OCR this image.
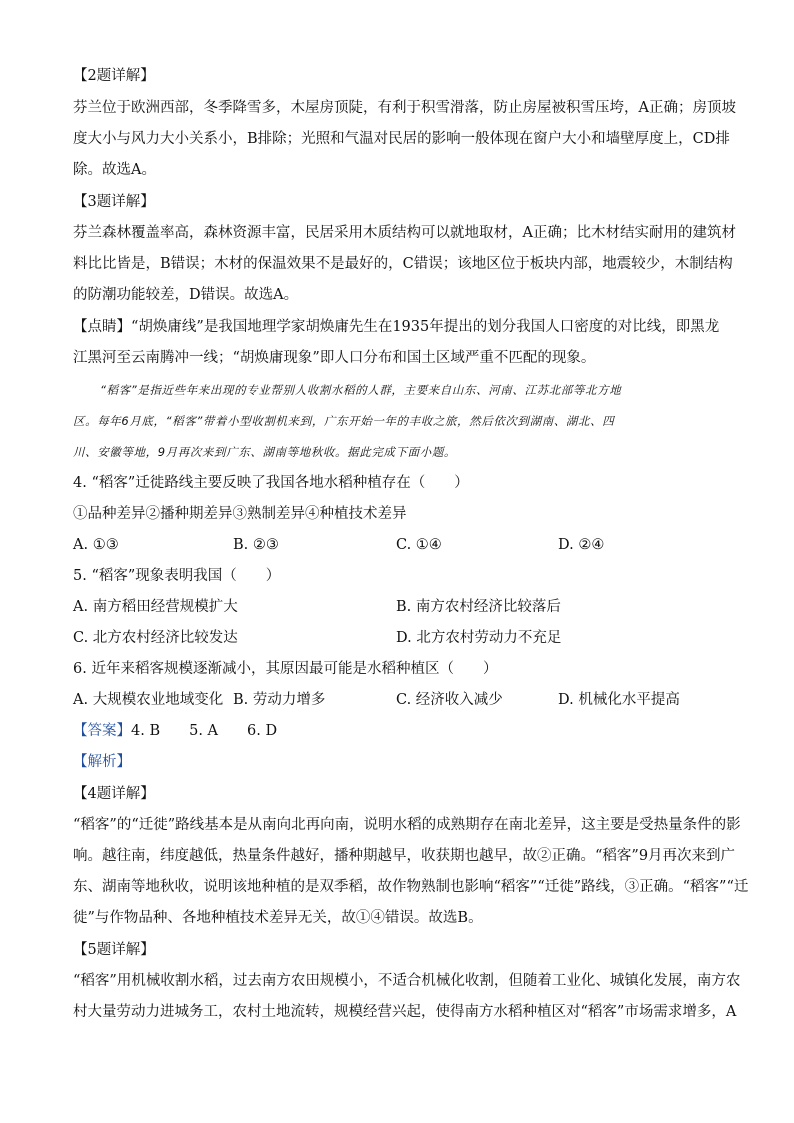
【2题详解】
芬兰位于欧洲西部，冬季降雪多，木屋房顶陡，有利于积雪滑落，防止房屋被积雪压垮，A正确；房顶坡
度大小与风力大小关系小，B排除；光照和气温对民居的影响一般体现在窗户大小和墙壁厚度上，CD排
除。故选A。
【3题详解】
芬兰森林覆盖率高，森林资源丰富，民居采用木质结构可以就地取材，A正确；比木材结实耐用的建筑材
料比比皆是，B错误；木材的保温效果不是最好的，C错误；该地区位于板块内部，地震较少，木制结构
的防潮功能较差，D错误。故选A。
【点睛】“胡焕庸线”是我国地理学家胡焕庸先生在1935年提出的划分我国人口密度的对比线，即黑龙
江黑河至云南腾冲一线；“胡焕庸现象”即人口分布和国土区域严重不匹配的现象。
“稻客”是指近些年来出现的专业帮别人收割水稻的人群，主要来自山东、河南、江苏北部等北方地
区。每年6月底，“稻客”带着小型收割机来到，广东开始一年的丰收之旅，然后依次到湖南、湖北、四
川、安徽等地，9月再次来到广东、湖南等地秋收。据此完成下面小题。
4. “稻客”迁徙路线主要反映了我国各地水稻种植存在（　　）
①品种差异②播种期差异③熟制差异④种植技术差异
A. ①③	B. ②③	C. ①④	D. ②④
5. “稻客”现象表明我国（　　）
A. 南方稻田经营规模扩大	B. 南方农村经济比较落后
C. 北方农村经济比较发达	D. 北方农村劳动力不充足
6. 近年来稻客规模逐渐减小，其原因最可能是水稻种植区（　　）
A. 大规模农业地域变化 B. 劳动力增多	C. 经济收入减少	D. 机械化水平提高
【答案】4. B　　5. A　　6. D
【解析】
【4题详解】
“稻客”的“迁徙”路线基本是从南向北再向南，说明水稻的成熟期存在南北差异，这主要是受热量条件的影
响。越往南，纬度越低，热量条件越好，播种期越早，收获期也越早，故②正确。“稻客”9月再次来到广
东、湖南等地秋收，说明该地种植的是双季稻，故作物熟制也影响“稻客”“迁徙”路线，③正确。“稻客”“迁
徙”与作物品种、各地种植技术差异无关，故①④错误。故选B。
【5题详解】
“稻客”用机械收割水稻，过去南方农田规模小，不适合机械化收割，但随着工业化、城镇化发展，南方农
村大量劳动力进城务工，农村土地流转，规模经营兴起，使得南方水稻种植区对“稻客”市场需求增多，A
